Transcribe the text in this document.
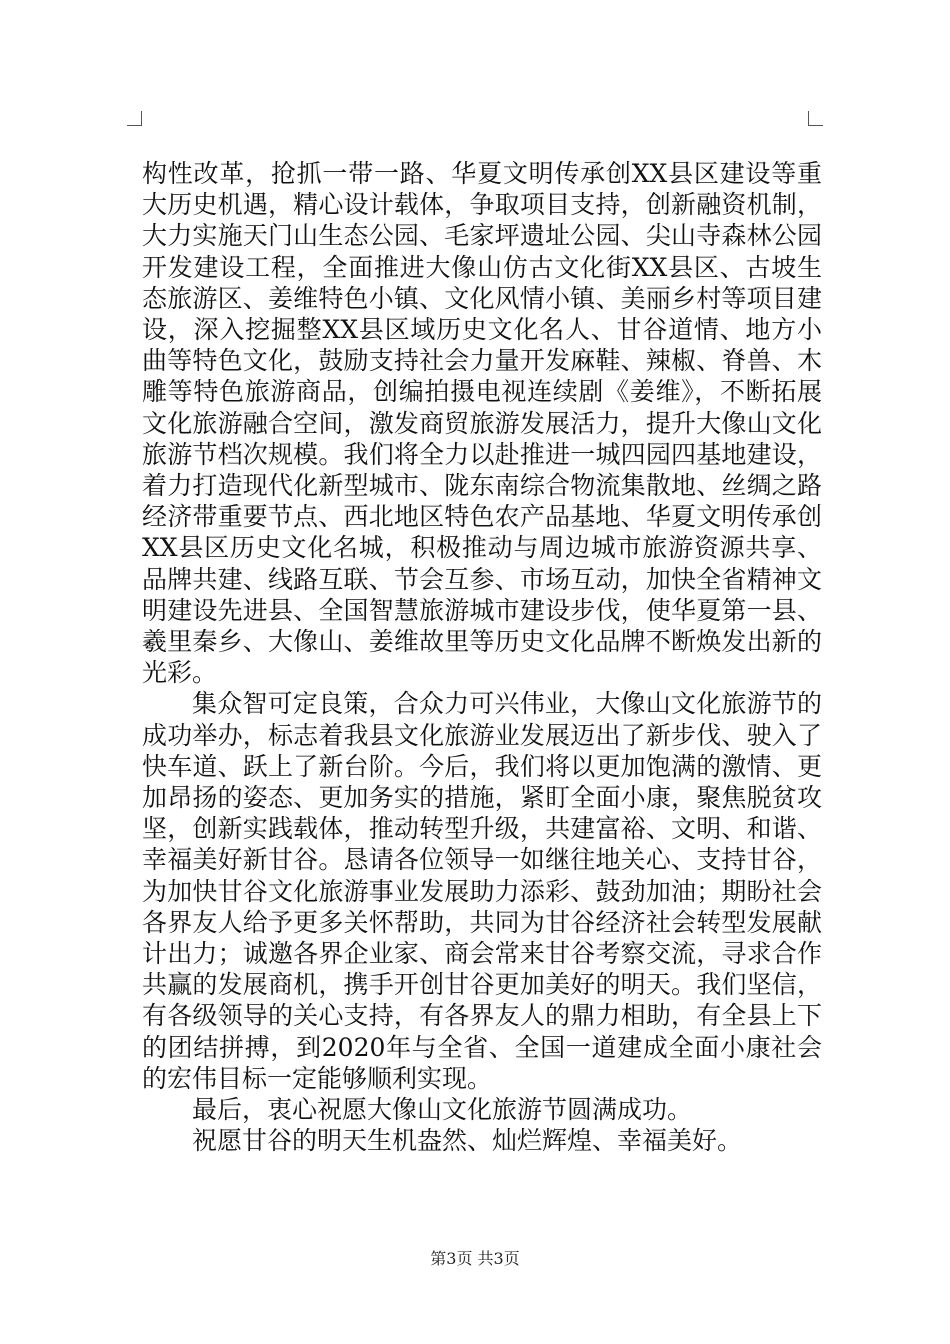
构性改革，抢抓一带一路、华夏文明传承创XX县区建设等重大历史机遇，精心设计载体，争取项目支持，创新融资机制，大力实施天门山生态公园、毛家坪遗址公园、尖山寺森林公园开发建设工程，全面推进大像山仿古文化街XX县区、古坡生态旅游区、姜维特色小镇、文化风情小镇、美丽乡村等项目建设，深入挖掘整XX县区域历史文化名人、甘谷道情、地方小曲等特色文化，鼓励支持社会力量开发麻鞋、辣椒、脊兽、木雕等特色旅游商品，创编拍摄电视连续剧《姜维》，不断拓展文化旅游融合空间，激发商贸旅游发展活力，提升大像山文化旅游节档次规模。我们将全力以赴推进一城四园四基地建设，着力打造现代化新型城市、陇东南综合物流集散地、丝绸之路经济带重要节点、西北地区特色农产品基地、华夏文明传承创XX县区历史文化名城，积极推动与周边城市旅游资源共享、品牌共建、线路互联、节会互参、市场互动，加快全省精神文明建设先进县、全国智慧旅游城市建设步伐，使华夏第一县、羲里秦乡、大像山、姜维故里等历史文化品牌不断焕发出新的光彩。

集众智可定良策，合众力可兴伟业，大像山文化旅游节的成功举办，标志着我县文化旅游业发展迈出了新步伐、驶入了快车道、跃上了新台阶。今后，我们将以更加饱满的激情、更加昂扬的姿态、更加务实的措施，紧盯全面小康，聚焦脱贫攻坚，创新实践载体，推动转型升级，共建富裕、文明、和谐、幸福美好新甘谷。恳请各位领导一如继往地关心、支持甘谷，为加快甘谷文化旅游事业发展助力添彩、鼓劲加油；期盼社会各界友人给予更多关怀帮助，共同为甘谷经济社会转型发展献计出力；诚邀各界企业家、商会常来甘谷考察交流，寻求合作共赢的发展商机，携手开创甘谷更加美好的明天。我们坚信，有各级领导的关心支持，有各界友人的鼎力相助，有全县上下的团结拼搏，到2020年与全省、全国一道建成全面小康社会的宏伟目标一定能够顺利实现。

最后，衷心祝愿大像山文化旅游节圆满成功。

祝愿甘谷的明天生机盎然、灿烂辉煌、幸福美好。

第3页 共3页
